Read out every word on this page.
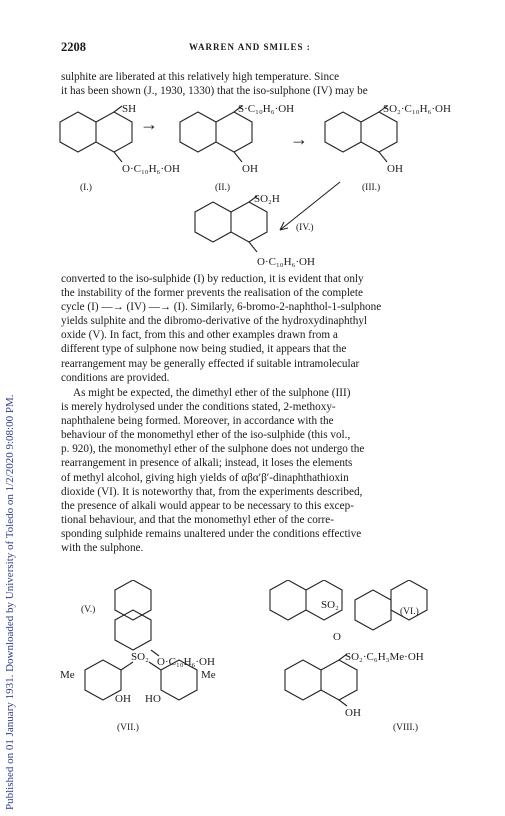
Published on 01 January 1931. Downloaded by University of Toledo on 1/2/2020 9:08:00 PM.
2208	WARREN AND SMILES :

sulphite are liberated at this relatively high temperature. Since

it has been shown (J., 1930, 1330) that the iso-sulphone (IV) may be

SH
O·C₁₀H₆·OH
(I.)
→
S·C₁₀H₆·OH
OH
(II.)
→
SO₂·C₁₀H₆·OH
OH
(III.)
SO₂H
O·C₁₀H₆·OH
(IV.)

converted to the iso-sulphide (I) by reduction, it is evident that only

the instability of the former prevents the realisation of the complete

cycle (I) —→ (IV) —→ (I). Similarly, 6-bromo-2-naphthol-1-sulphone

yields sulphite and the dibromo-derivative of the hydroxydinaphthyl

oxide (V). In fact, from this and other examples drawn from a

different type of sulphone now being studied, it appears that the

rearrangement may be generally effected if suitable intramolecular

conditions are provided.

As might be expected, the dimethyl ether of the sulphone (III)

is merely hydrolysed under the conditions stated, 2-methoxy-

naphthalene being formed. Moreover, in accordance with the

behaviour of the monomethyl ether of the iso-sulphide (this vol.,

p. 920), the monomethyl ether of the sulphone does not undergo the

rearrangement in presence of alkali; instead, it loses the elements

of methyl alcohol, giving high yields of αβα′β′-dinaphthathioxin

dioxide (VI). It is noteworthy that, from the experiments described,

the presence of alkali would appear to be necessary to this excep-

tional behaviour, and that the monomethyl ether of the corre-

sponding sulphide remains unaltered under the conditions effective

with the sulphone.

(V.)
O·C₁₀H₆·OH
SO₂
O
(VI.)
SO₂
Me	Me
OH HO
(VII.)
SO₂·C₆H₃Me·OH
OH
(VIII.)
